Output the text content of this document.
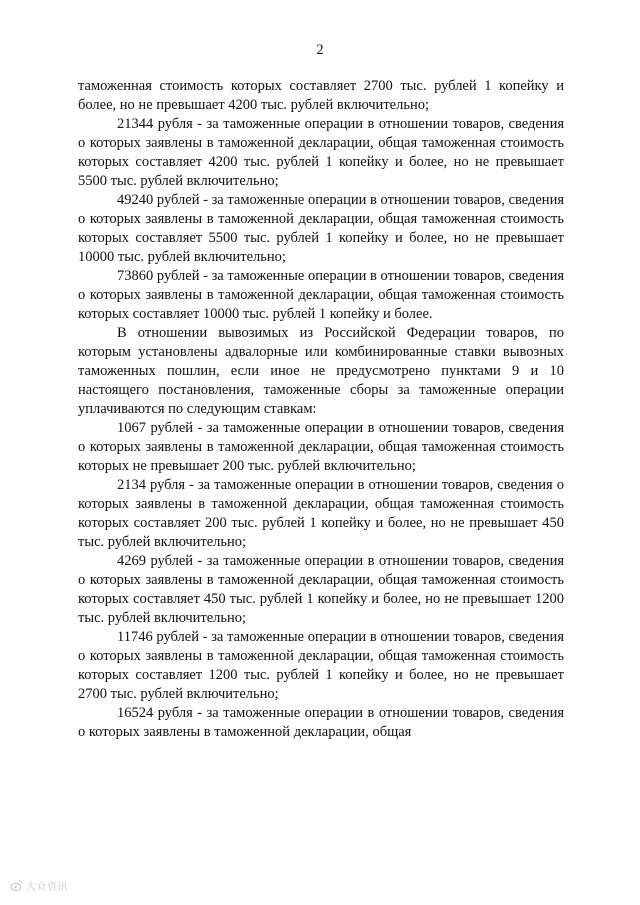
2

таможенная стоимость которых составляет 2700 тыс. рублей 1 копейку и более, но не превышает 4200 тыс. рублей включительно;

21344 рубля - за таможенные операции в отношении товаров, сведения о которых заявлены в таможенной декларации, общая таможенная стоимость которых составляет 4200 тыс. рублей 1 копейку и более, но не превышает 5500 тыс. рублей включительно;

49240 рублей - за таможенные операции в отношении товаров, сведения о которых заявлены в таможенной декларации, общая таможенная стоимость которых составляет 5500 тыс. рублей 1 копейку и более, но не превышает 10000 тыс. рублей включительно;

73860 рублей - за таможенные операции в отношении товаров, сведения о которых заявлены в таможенной декларации, общая таможенная стоимость которых составляет 10000 тыс. рублей 1 копейку и более.

В отношении вывозимых из Российской Федерации товаров, по которым установлены адвалорные или комбинированные ставки вывозных таможенных пошлин, если иное не предусмотрено пунктами 9 и 10 настоящего постановления, таможенные сборы за таможенные операции уплачиваются по следующим ставкам:

1067 рублей - за таможенные операции в отношении товаров, сведения о которых заявлены в таможенной декларации, общая таможенная стоимость которых не превышает 200 тыс. рублей включительно;

2134 рубля - за таможенные операции в отношении товаров, сведения о которых заявлены в таможенной декларации, общая таможенная стоимость которых составляет 200 тыс. рублей 1 копейку и более, но не превышает 450 тыс. рублей включительно;

4269 рублей - за таможенные операции в отношении товаров, сведения о которых заявлены в таможенной декларации, общая таможенная стоимость которых составляет 450 тыс. рублей 1 копейку и более, но не превышает 1200 тыс. рублей включительно;

11746 рублей - за таможенные операции в отношении товаров, сведения о которых заявлены в таможенной декларации, общая таможенная стоимость которых составляет 1200 тыс. рублей 1 копейку и более, но не превышает 2700 тыс. рублей включительно;

16524 рубля - за таможенные операции в отношении товаров, сведения о которых заявлены в таможенной декларации, общая

大众资讯
